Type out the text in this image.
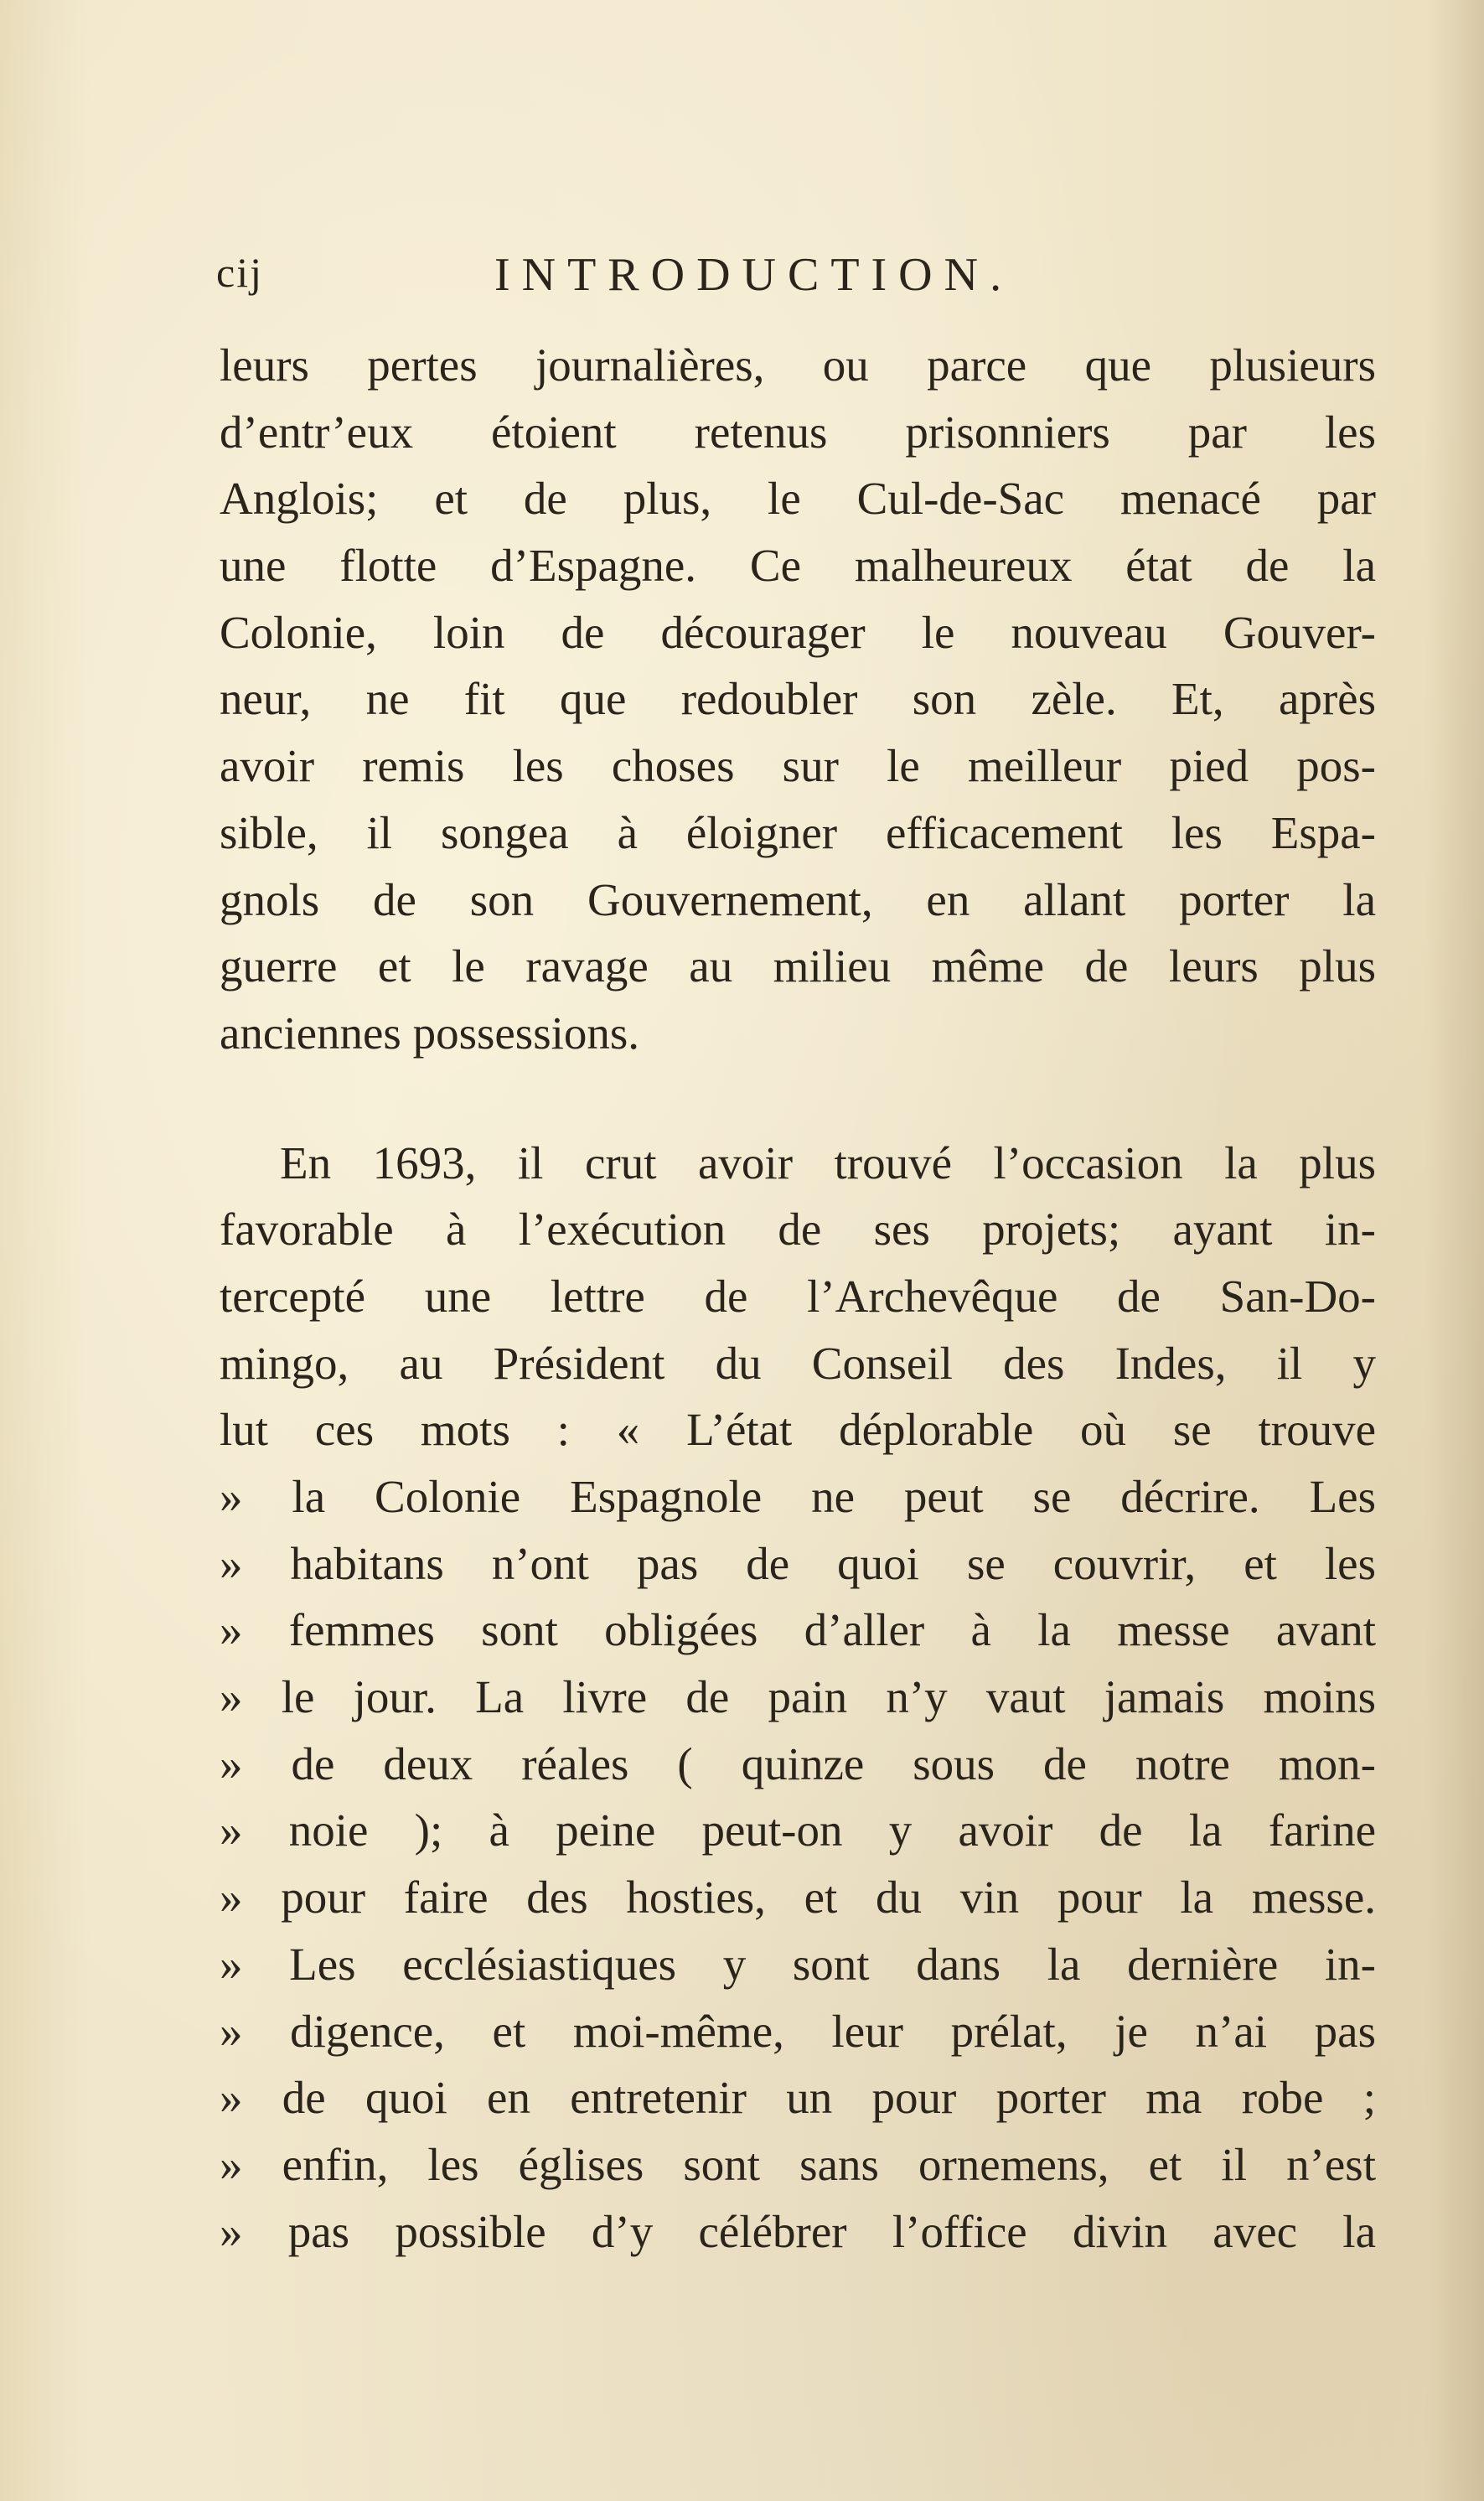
cij	INTRODUCTION.
leurs pertes journalières, ou parce que plusieurs
d’entr’eux étoient retenus prisonniers par les
Anglois; et de plus, le Cul-de-Sac menacé par
une flotte d’Espagne. Ce malheureux état de la
Colonie, loin de décourager le nouveau Gouver-
neur, ne fit que redoubler son zèle. Et, après
avoir remis les choses sur le meilleur pied pos-
sible, il songea à éloigner efficacement les Espa-
gnols de son Gouvernement, en allant porter la
guerre et le ravage au milieu même de leurs plus
anciennes possessions.
En 1693, il crut avoir trouvé l’occasion la plus
favorable à l’exécution de ses projets; ayant in-
tercepté une lettre de l’Archevêque de San-Do-
mingo, au Président du Conseil des Indes, il y
lut ces mots : « L’état déplorable où se trouve
» la Colonie Espagnole ne peut se décrire. Les
» habitans n’ont pas de quoi se couvrir, et les
» femmes sont obligées d’aller à la messe avant
» le jour. La livre de pain n’y vaut jamais moins
» de deux réales ( quinze sous de notre mon-
» noie ); à peine peut-on y avoir de la farine
» pour faire des hosties, et du vin pour la messe.
» Les ecclésiastiques y sont dans la dernière in-
» digence, et moi-même, leur prélat, je n’ai pas
» de quoi en entretenir un pour porter ma robe ;
» enfin, les églises sont sans ornemens, et il n’est
» pas possible d’y célébrer l’office divin avec la
